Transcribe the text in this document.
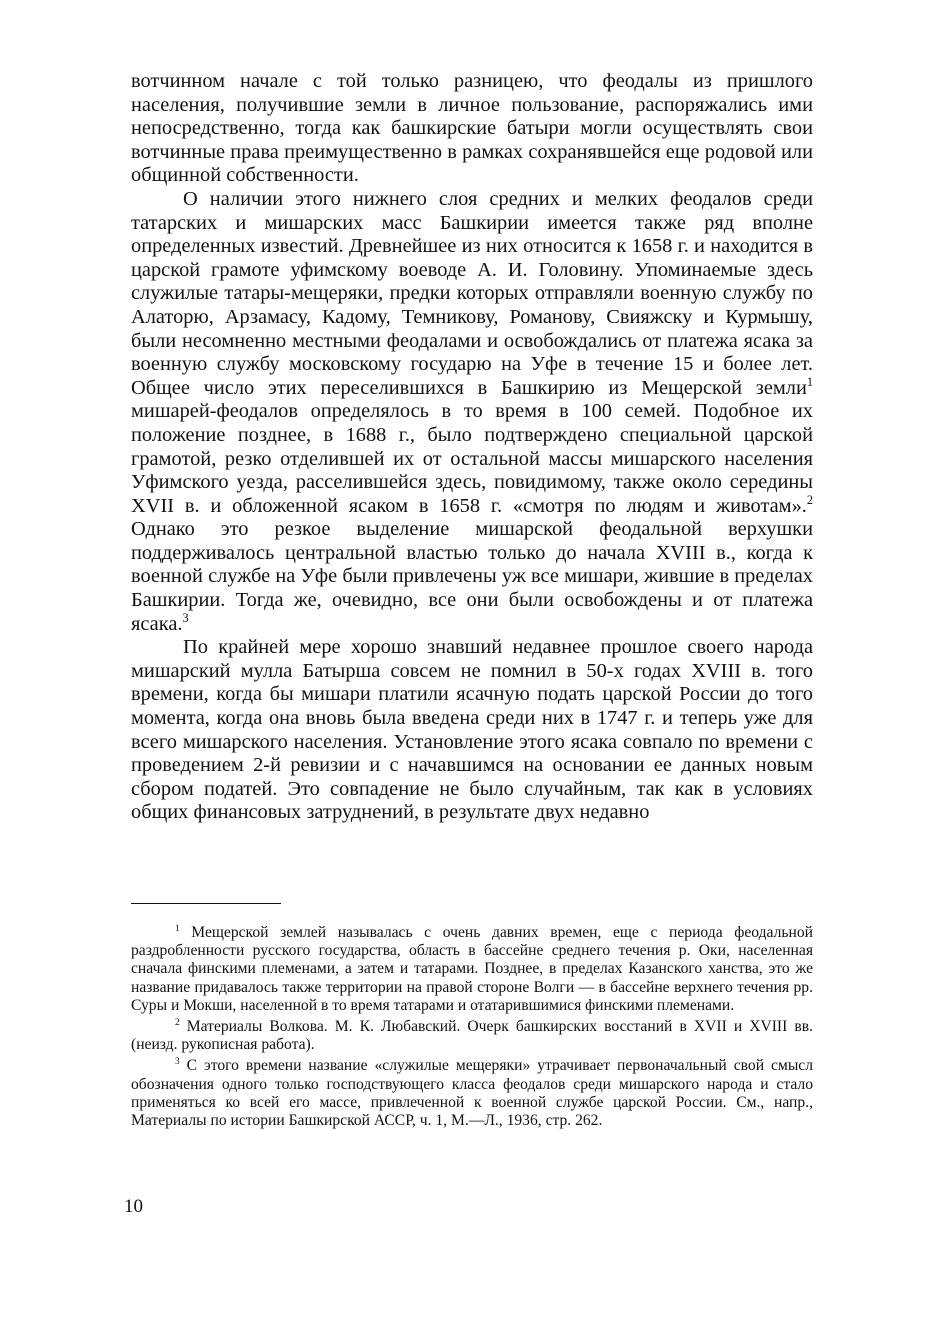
вотчинном начале с той только разницею, что феодалы из пришлого населения, получившие земли в личное пользование, распоряжались ими непосредственно, тогда как башкирские батыри могли осуществлять свои вотчинные права преимущественно в рамках сохранявшейся еще родовой или общинной собственности.

О наличии этого нижнего слоя средних и мелких феодалов среди татарских и мишарских масс Башкирии имеется также ряд вполне определенных известий. Древнейшее из них относится к 1658 г. и находится в царской грамоте уфимскому воеводе А. И. Головину. Упоминаемые здесь служилые татары-мещеряки, предки которых отправляли военную службу по Алаторю, Арзамасу, Кадому, Темникову, Романову, Свияжску и Курмышу, были несомненно местными феодалами и освобождались от платежа ясака за военную службу московскому государю на Уфе в течение 15 и более лет. Общее число этих переселившихся в Башкирию из Мещерской земли$^1$ мишарей-феодалов определялось в то время в 100 семей. Подобное их положение позднее, в 1688 г., было подтверждено специальной царской грамотой, резко отделившей их от остальной массы мишарского населения Уфимского уезда, расселившейся здесь, повидимому, также около середины XVII в. и обложенной ясаком в 1658 г. «смотря по людям и животам».$^2$ Однако это резкое выделение мишарской феодальной верхушки поддерживалось центральной властью только до начала XVIII в., когда к военной службе на Уфе были привлечены уж все мишари, жившие в пределах Башкирии. Тогда же, очевидно, все они были освобождены и от платежа ясака.$^3$

По крайней мере хорошо знавший недавнее прошлое своего народа мишарский мулла Батырша совсем не помнил в 50-х годах XVIII в. того времени, когда бы мишари платили ясачную подать царской России до того момента, когда она вновь была введена среди них в 1747 г. и теперь уже для всего мишарского населения. Установление этого ясака совпало по времени с проведением 2-й ревизии и с начавшимся на основании ее данных новым сбором податей. Это совпадение не было случайным, так как в условиях общих финансовых затруднений, в результате двух недавно

$^1$ Мещерской землей называлась с очень давних времен, еще с периода феодальной раздробленности русского государства, область в бассейне среднего течения р. Оки, населенная сначала финскими племенами, а затем и татарами. Позднее, в пределах Казанского ханства, это же название придавалось также территории на правой стороне Волги — в бассейне верхнего течения рр. Суры и Мокши, населенной в то время татарами и отатарившимися финскими племенами.

$^2$ Материалы Волкова. М. К. Любавский. Очерк башкирских восстаний в XVII и XVIII вв. (неизд. рукописная работа).

$^3$ С этого времени название «служилые мещеряки» утрачивает первоначальный свой смысл обозначения одного только господствующего класса феодалов среди мишарского народа и стало применяться ко всей его массе, привлеченной к военной службе царской России. См., напр., Материалы по истории Башкирской АССР, ч. 1, М.—Л., 1936, стр. 262.

10
